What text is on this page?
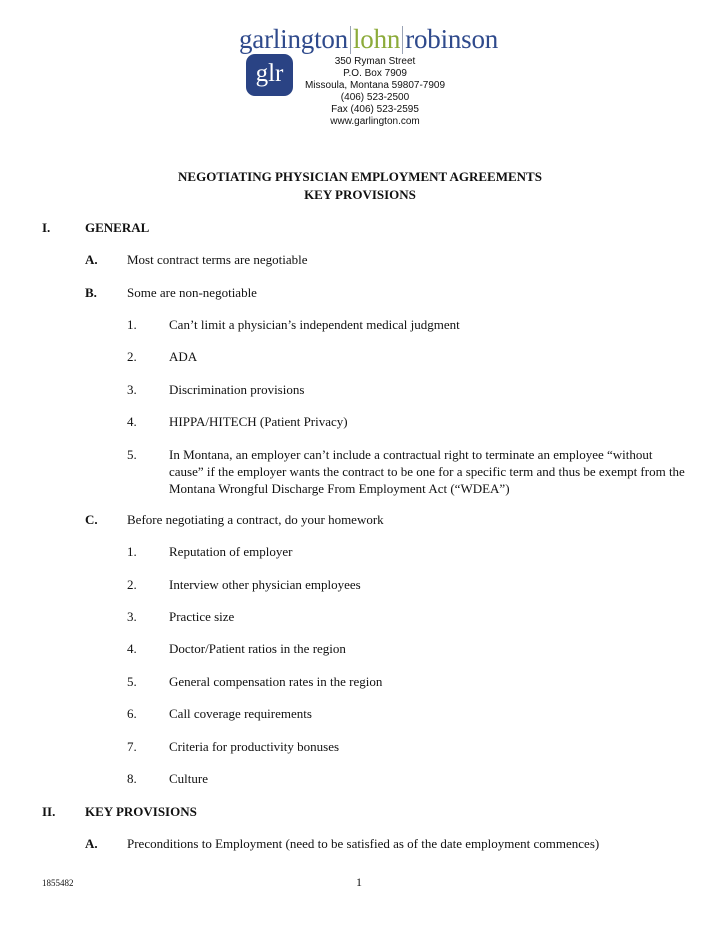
garlington lohn robinson
glr	350 Ryman Street
P.O. Box 7909
Missoula, Montana 59807-7909
(406) 523-2500
Fax (406) 523-2595
www.garlington.com
NEGOTIATING PHYSICIAN EMPLOYMENT AGREEMENTS
KEY PROVISIONS
I.	GENERAL
A. Most contract terms are negotiable
B. Some are non-negotiable
1. Can’t limit a physician’s independent medical judgment
2. ADA
3. Discrimination provisions
4. HIPPA/HITECH (Patient Privacy)
5. In Montana, an employer can’t include a contractual right to terminate an employee “without cause” if the employer wants the contract to be one for a specific term and thus be exempt from the Montana Wrongful Discharge From Employment Act (“WDEA”)
C. Before negotiating a contract, do your homework
1. Reputation of employer
2. Interview other physician employees
3. Practice size
4. Doctor/Patient ratios in the region
5. General compensation rates in the region
6. Call coverage requirements
7. Criteria for productivity bonuses
8. Culture
II. KEY PROVISIONS
A. Preconditions to Employment (need to be satisfied as of the date employment commences)
1855482	1
